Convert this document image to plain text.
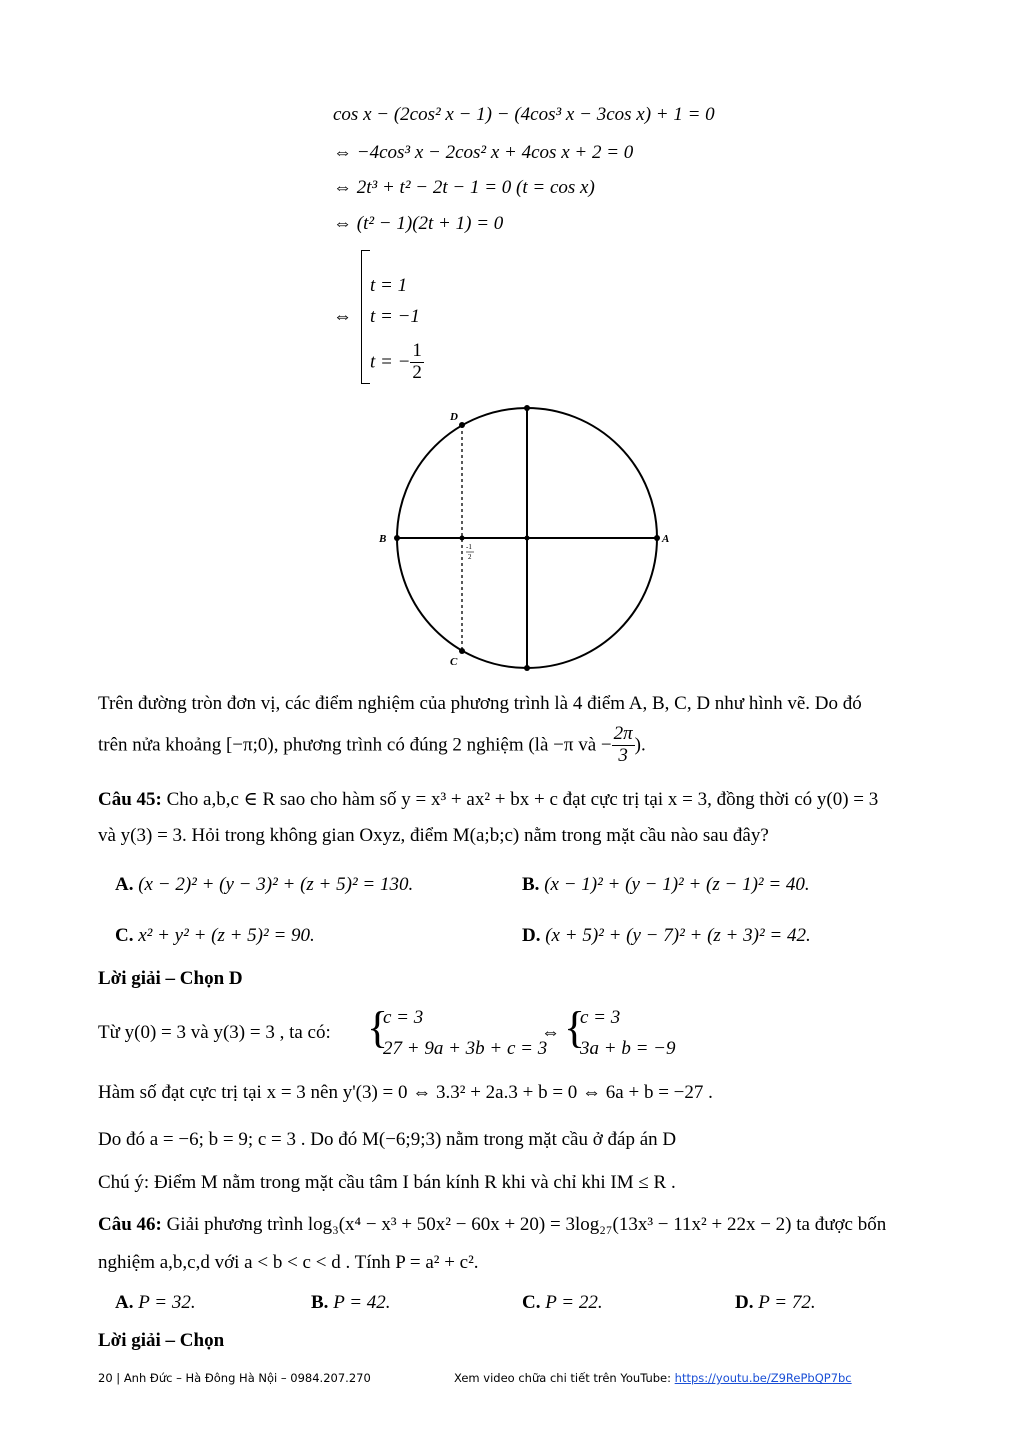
cos x − (2cos² x − 1) − (4cos³ x − 3cos x) + 1 = 0
⇔ −4cos³ x − 2cos² x + 4cos x + 2 = 0
⇔ 2t³ + t² − 2t − 1 = 0 (t = cos x)
⇔ (t² − 1)(2t + 1) = 0
⇔
t = 1
t = −1
t = − $\frac{1}{2}$
D
B	A
C
-1
2
Trên đường tròn đơn vị, các điểm nghiệm của phương trình là 4 điểm A, B, C, D như hình vẽ. Do đó
trên nửa khoảng [−π;0), phương trình có đúng 2 nghiệm (là −π và − $\frac{2\pi}{3}$ ).
Câu 45: Cho a,b,c ∈ R sao cho hàm số y = x³ + ax² + bx + c đạt cực trị tại x = 3, đồng thời có y(0) = 3
và y(3) = 3. Hỏi trong không gian Oxyz, điểm M(a;b;c) nằm trong mặt cầu nào sau đây?
A. (x − 2)² + (y − 3)² + (z + 5)² = 130.	B. (x − 1)² + (y − 1)² + (z − 1)² = 40.
C. x² + y² + (z + 5)² = 90.	D. (x + 5)² + (y − 7)² + (z + 3)² = 42.
Lời giải – Chọn D
Từ y(0) = 3 và y(3) = 3 , ta có: {
c = 3
27 + 9a + 3b + c = 3
⇔ {
c = 3
3a + b = −9
Hàm số đạt cực trị tại x = 3 nên y'(3) = 0 ⇔ 3.3² + 2a.3 + b = 0 ⇔ 6a + b = −27 .
Do đó a = −6; b = 9; c = 3 . Do đó M(−6;9;3) nằm trong mặt cầu ở đáp án D
Chú ý: Điểm M nằm trong mặt cầu tâm I bán kính R khi và chỉ khi IM ≤ R .
Câu 46: Giải phương trình log₃(x⁴ − x³ + 50x² − 60x + 20) = 3log₂₇(13x³ − 11x² + 22x − 2) ta được bốn
nghiệm a,b,c,d với a < b < c < d . Tính P = a² + c².
A. P = 32.	B. P = 42.	C. P = 22.	D. P = 72.
Lời giải – Chọn
20 | Anh Đức – Hà Đông Hà Nội – 0984.207.270	Xem video chữa chi tiết trên YouTube: https://youtu.be/Z9RePbQP7bc
